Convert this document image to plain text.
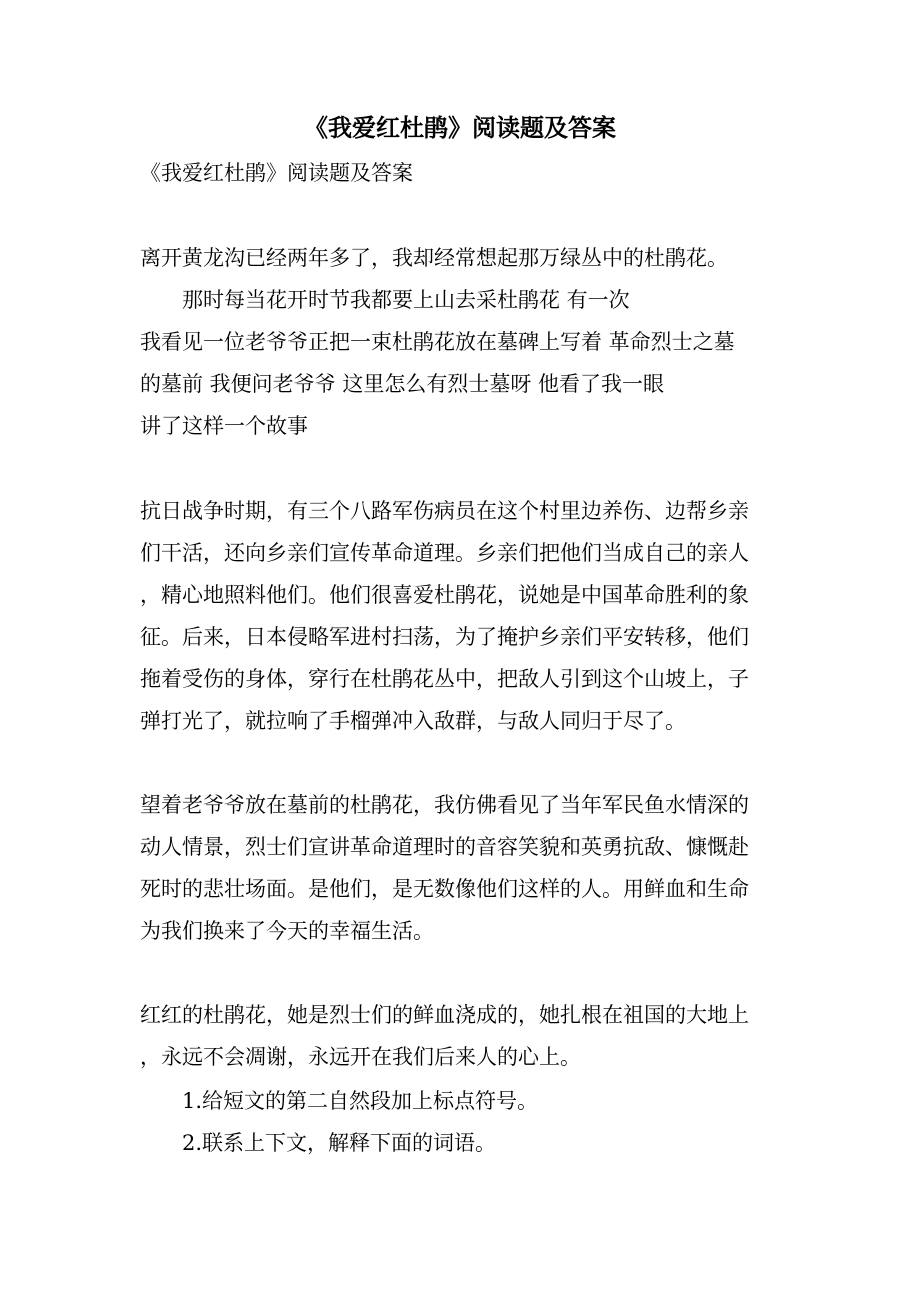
《我爱红杜鹃》阅读题及答案
《我爱红杜鹃》阅读题及答案
离开黄龙沟已经两年多了，我却经常想起那万绿丛中的杜鹃花。
那时每当花开时节我都要上山去采杜鹃花 有一次
我看见一位老爷爷正把一束杜鹃花放在墓碑上写着 革命烈士之墓
的墓前 我便问老爷爷 这里怎么有烈士墓呀 他看了我一眼
讲了这样一个故事
抗日战争时期，有三个八路军伤病员在这个村里边养伤、边帮乡亲
们干活，还向乡亲们宣传革命道理。乡亲们把他们当成自己的亲人
，精心地照料他们。他们很喜爱杜鹃花，说她是中国革命胜利的象
征。后来，日本侵略军进村扫荡，为了掩护乡亲们平安转移，他们
拖着受伤的身体，穿行在杜鹃花丛中，把敌人引到这个山坡上，子
弹打光了，就拉响了手榴弹冲入敌群，与敌人同归于尽了。
望着老爷爷放在墓前的杜鹃花，我仿佛看见了当年军民鱼水情深的
动人情景，烈士们宣讲革命道理时的音容笑貌和英勇抗敌、慷慨赴
死时的悲壮场面。是他们，是无数像他们这样的人。用鲜血和生命
为我们换来了今天的幸福生活。
红红的杜鹃花，她是烈士们的鲜血浇成的，她扎根在祖国的大地上
，永远不会凋谢，永远开在我们后来人的心上。
1.给短文的第二自然段加上标点符号。
2.联系上下文，解释下面的词语。
